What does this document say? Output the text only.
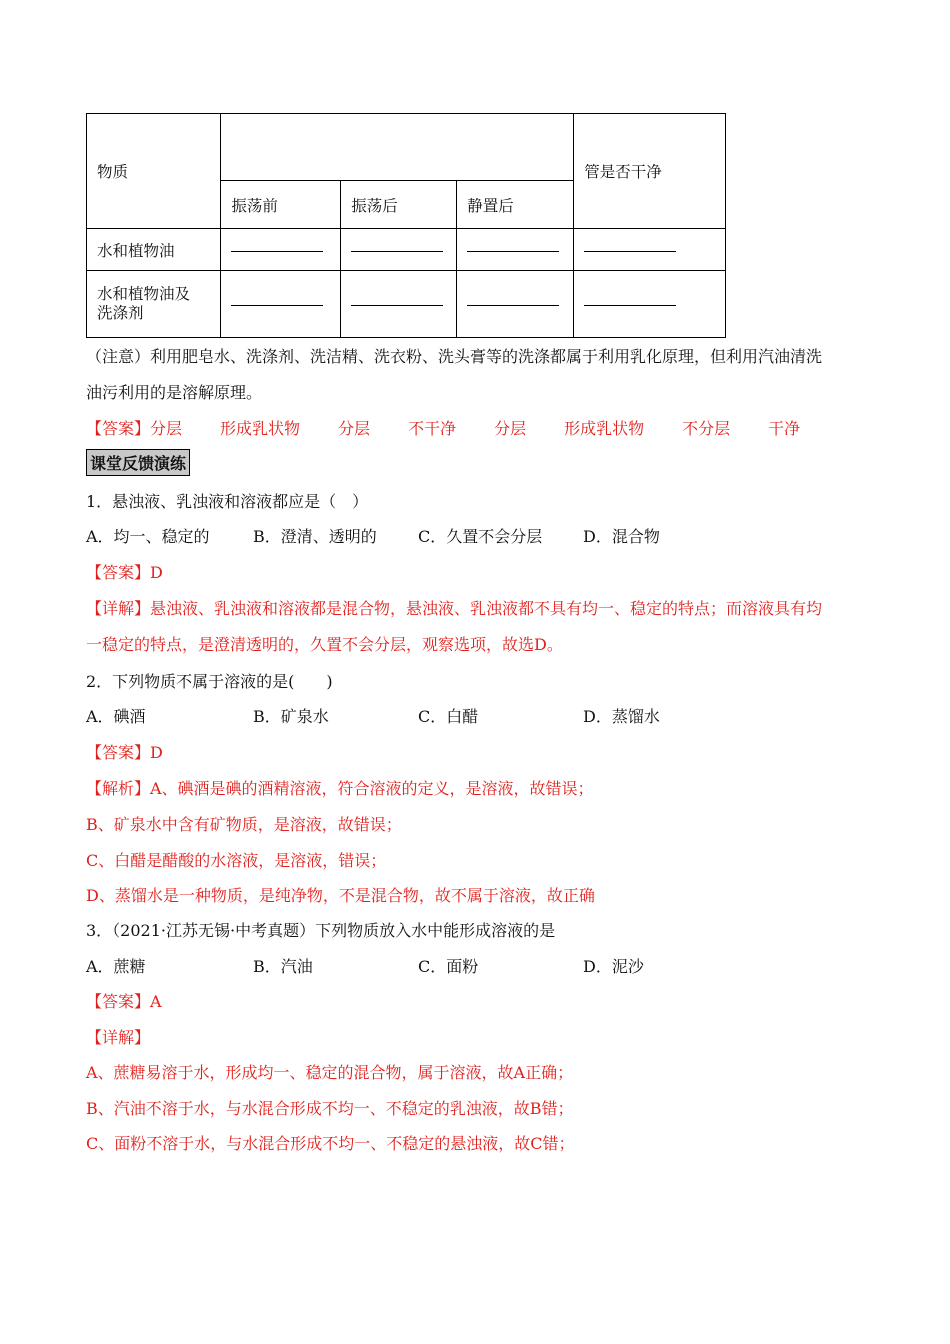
物质				管是否干净
	振荡前	振荡后	静置后	
水和植物油				
水和植物油及
洗涤剂				
（注意）利用肥皂水、洗涤剂、洗洁精、洗衣粉、洗头膏等的洗涤都属于利用乳化原理，但利用汽油清洗
油污利用的是溶解原理。
【答案】分层 形成乳状物 分层 不干净 分层 形成乳状物 不分层 干净
课堂反馈演练
1．悬浊液、乳浊液和溶液都应是（　）
A．均一、稳定的	B．澄清、透明的	C．久置不会分层	D．混合物
【答案】D
【详解】悬浊液、乳浊液和溶液都是混合物，悬浊液、乳浊液都不具有均一、稳定的特点；而溶液具有均
一稳定的特点，是澄清透明的，久置不会分层，观察选项，故选D。
2．下列物质不属于溶液的是(　　)
A．碘酒	B．矿泉水	C．白醋	D．蒸馏水
【答案】D
【解析】A、碘酒是碘的酒精溶液，符合溶液的定义，是溶液，故错误；
B、矿泉水中含有矿物质，是溶液，故错误；
C、白醋是醋酸的水溶液，是溶液，错误；
D、蒸馏水是一种物质，是纯净物，不是混合物，故不属于溶液，故正确
3．（2021·江苏无锡·中考真题）下列物质放入水中能形成溶液的是
A．蔗糖	B．汽油	C．面粉	D．泥沙
【答案】A
【详解】
A、蔗糖易溶于水，形成均一、稳定的混合物，属于溶液，故A正确；
B、汽油不溶于水，与水混合形成不均一、不稳定的乳浊液，故B错；
C、面粉不溶于水，与水混合形成不均一、不稳定的悬浊液，故C错；
